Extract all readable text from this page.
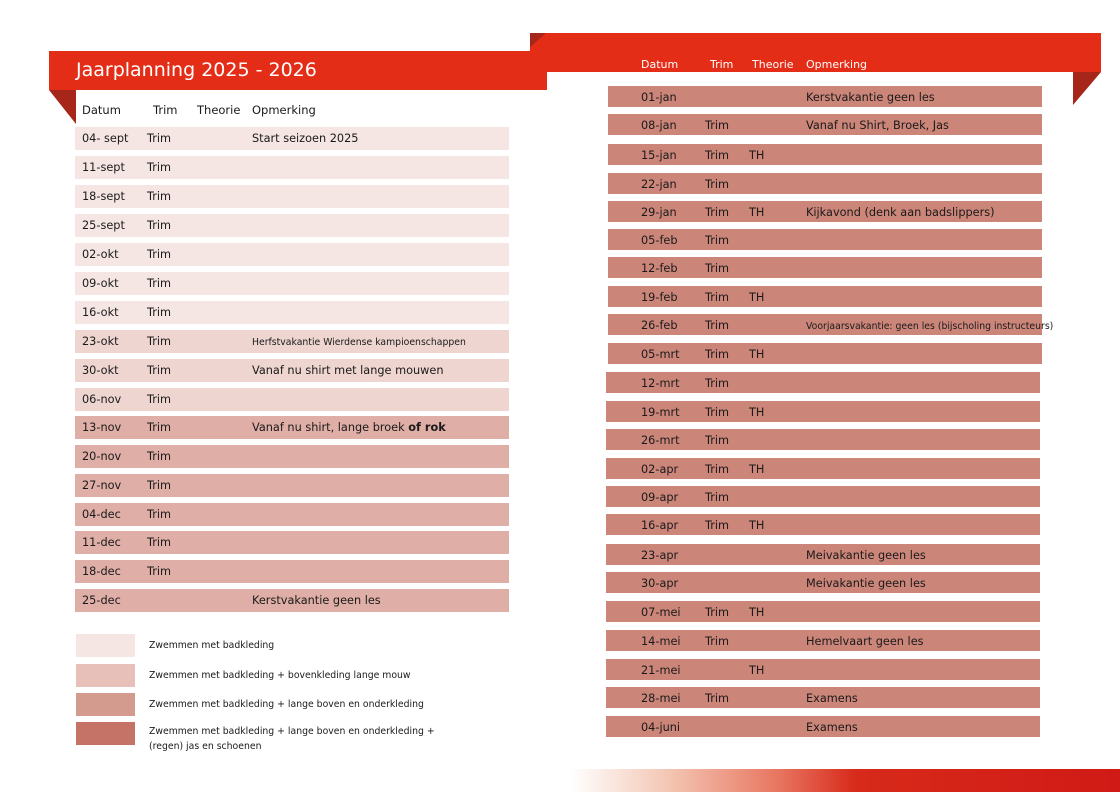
Jaarplanning 2025 - 2026
Datum	Trim Theorie Opmerking
04- sept Trim	Start seizoen 2025
11-sept Trim
18-sept Trim
25-sept Trim
02-okt	Trim
09-okt	Trim
16-okt	Trim
23-okt	Trim	Herfstvakantie Wierdense kampioenschappen
30-okt	Trim	Vanaf nu shirt met lange mouwen
06-nov Trim
13-nov Trim	Vanaf nu shirt, lange broek of rok
20-nov Trim
27-nov Trim
04-dec Trim
11-dec Trim
18-dec Trim
25-dec	Kerstvakantie geen les
Zwemmen met badkleding
Zwemmen met badkleding + bovenkleding lange mouw
Zwemmen met badkleding + lange boven en onderkleding
Zwemmen met badkleding + lange boven en onderkleding + (regen) jas en schoenen
Datum	Trim Theorie Opmerking
01-jan	Kerstvakantie geen les
08-jan	Trim	Vanaf nu Shirt, Broek, Jas
15-jan	Trim TH
22-jan	Trim
29-jan	Trim TH	Kijkavond (denk aan badslippers)
05-feb Trim
12-feb Trim
19-feb Trim TH
26-feb Trim	Voorjaarsvakantie: geen les (bijscholing instructeurs)
05-mrt Trim TH
12-mrt Trim
19-mrt Trim TH
26-mrt Trim
02-apr Trim TH
09-apr Trim
16-apr Trim TH
23-apr	Meivakantie geen les
30-apr	Meivakantie geen les
07-mei Trim TH
14-mei Trim	Hemelvaart geen les
21-mei	TH
28-mei Trim	Examens
04-juni	Examens
